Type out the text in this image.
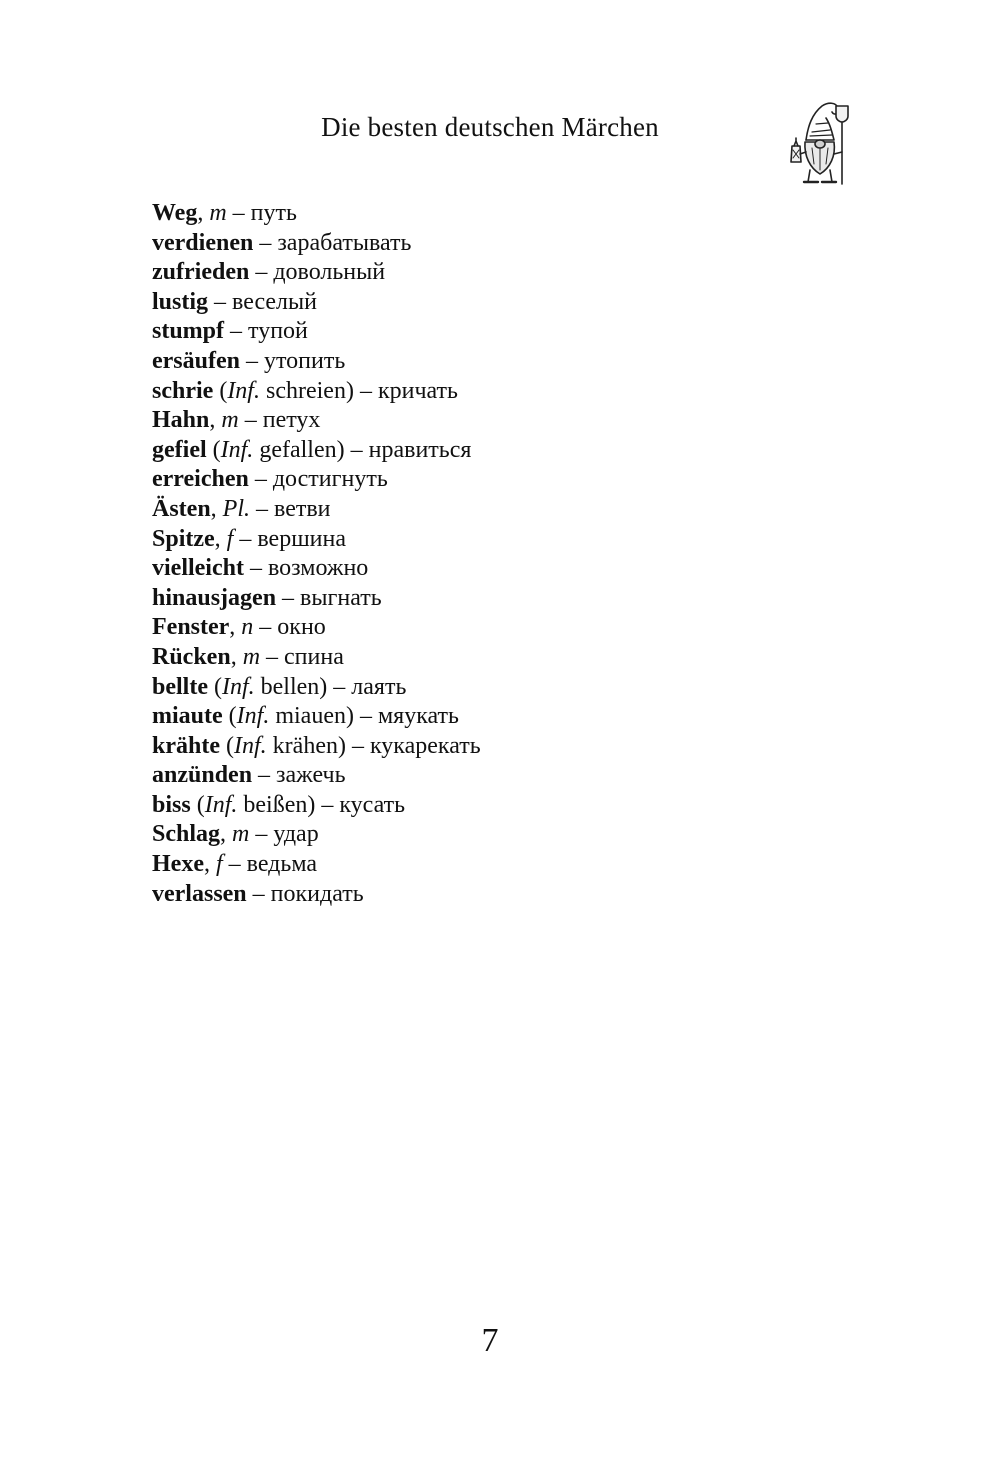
Die besten deutschen Märchen
Weg, m – путь
verdienen – зарабатывать
zufrieden – довольный
lustig – веселый
stumpf – тупой
ersäufen – утопить
schrie (Inf. schreien) – кричать
Hahn, m – петух
gefiel (Inf. gefallen) – нравиться
erreichen – достигнуть
Ästen, Pl. – ветви
Spitze, f – вершина
vielleicht – возможно
hinausjagen – выгнать
Fenster, n – окно
Rücken, m – спина
bellte (Inf. bellen) – лаять
miaute (Inf. miauen) – мяукать
krähte (Inf. krähen) – кукарекать
anzünden – зажечь
biss (Inf. beißen) – кусать
Schlag, m – удар
Hexe, f – ведьма
verlassen – покидать
7
